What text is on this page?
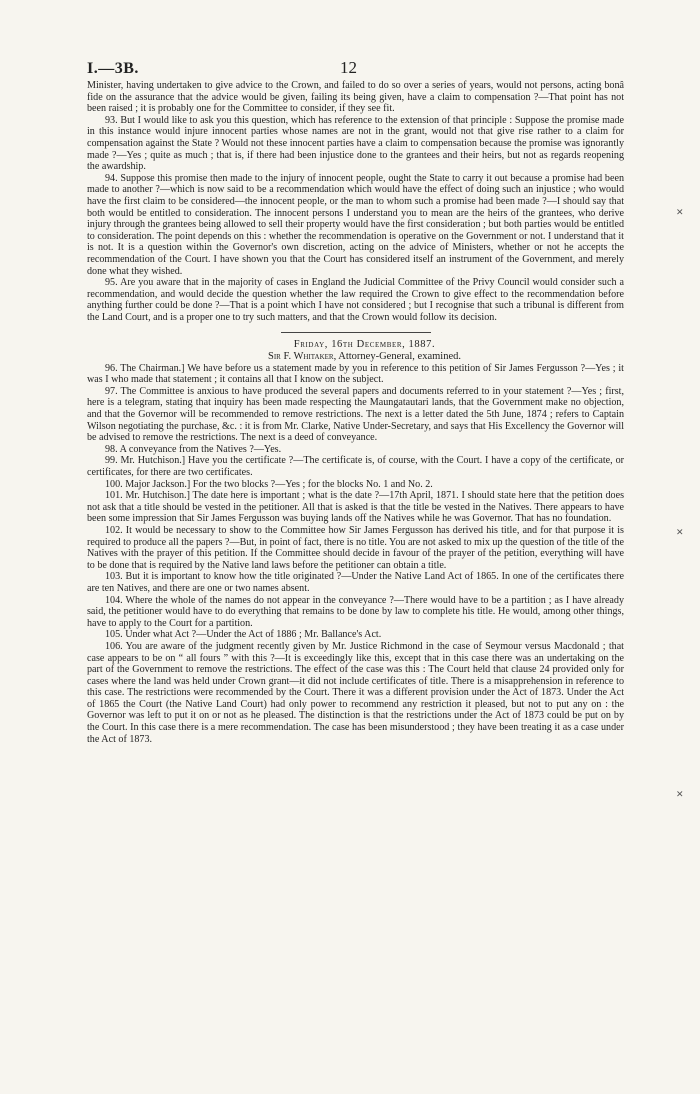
I.—3B.	12

Minister, having undertaken to give advice to the Crown, and failed to do so over a series of years, would not persons, acting bonâ fide on the assurance that the advice would be given, failing its being given, have a claim to compensation ?—That point has not been raised ; it is probably one for the Committee to consider, if they see fit.

93. But I would like to ask you this question, which has reference to the extension of that principle : Suppose the promise made in this instance would injure innocent parties whose names are not in the grant, would not that give rise rather to a claim for compensation against the State ? Would not these innocent parties have a claim to compensation because the promise was ignorantly made ?—Yes ; quite as much ; that is, if there had been injustice done to the grantees and their heirs, but not as regards reopening the awardship.

94. Suppose this promise then made to the injury of innocent people, ought the State to carry it out because a promise had been made to another ?—which is now said to be a recommendation which would have the effect of doing such an injustice ; who would have the first claim to be considered—the innocent people, or the man to whom such a promise had been made ?—I should say that both would be entitled to consideration. The innocent persons I understand you to mean are the heirs of the grantees, who derive injury through the grantees being allowed to sell their property would have the first consideration ; but both parties would be entitled to consideration. The point depends on this : whether the recommendation is operative on the Government or not. I understand that it is not. It is a question within the Governor's own discretion, acting on the advice of Ministers, whether or not he accepts the recommendation of the Court. I have shown you that the Court has considered itself an instrument of the Government, and merely done what they wished.

95. Are you aware that in the majority of cases in England the Judicial Committee of the Privy Council would consider such a recommendation, and would decide the question whether the law required the Crown to give effect to the recommendation before anything further could be done ?—That is a point which I have not considered ; but I recognise that such a tribunal is different from the Land Court, and is a proper one to try such matters, and that the Crown would follow its decision.

Friday, 16th December, 1887.

Sir F. Whitaker, Attorney-General, examined.

96. The Chairman.] We have before us a statement made by you in reference to this petition of Sir James Fergusson ?—Yes ; it was I who made that statement ; it contains all that I know on the subject.

97. The Committee is anxious to have produced the several papers and documents referred to in your statement ?—Yes ; first, here is a telegram, stating that inquiry has been made respecting the Maungatautari lands, that the Government make no objection, and that the Governor will be recommended to remove restrictions. The next is a letter dated the 5th June, 1874 ; refers to Captain Wilson negotiating the purchase, &c. : it is from Mr. Clarke, Native Under-Secretary, and says that His Excellency the Governor will be advised to remove the restrictions. The next is a deed of conveyance.

98. A conveyance from the Natives ?—Yes.

99. Mr. Hutchison.] Have you the certificate ?—The certificate is, of course, with the Court. I have a copy of the certificate, or certificates, for there are two certificates.

100. Major Jackson.] For the two blocks ?—Yes ; for the blocks No. 1 and No. 2.

101. Mr. Hutchison.] The date here is important ; what is the date ?—17th April, 1871. I should state here that the petition does not ask that a title should be vested in the petitioner. All that is asked is that the title be vested in the Natives. There appears to have been some impression that Sir James Fergusson was buying lands off the Natives while he was Governor. That has no foundation.

102. It would be necessary to show to the Committee how Sir James Fergusson has derived his title, and for that purpose it is required to produce all the papers ?—But, in point of fact, there is no title. You are not asked to mix up the question of the title of the Natives with the prayer of this petition. If the Committee should decide in favour of the prayer of the petition, everything will have to be done that is required by the Native land laws before the petitioner can obtain a title.

103. But it is important to know how the title originated ?—Under the Native Land Act of 1865. In one of the certificates there are ten Natives, and there are one or two names absent.

104. Where the whole of the names do not appear in the conveyance ?—There would have to be a partition ; as I have already said, the petitioner would have to do everything that remains to be done by law to complete his title. He would, among other things, have to apply to the Court for a partition.

105. Under what Act ?—Under the Act of 1886 ; Mr. Ballance's Act.

106. You are aware of the judgment recently given by Mr. Justice Richmond in the case of Seymour versus Macdonald ; that case appears to be on “ all fours ” with this ?—It is exceedingly like this, except that in this case there was an undertaking on the part of the Government to remove the restrictions. The effect of the case was this : The Court held that clause 24 provided only for cases where the land was held under Crown grant—it did not include certificates of title. There is a misapprehension in reference to this case. The restrictions were recommended by the Court. There it was a different provision under the Act of 1873. Under the Act of 1865 the Court (the Native Land Court) had only power to recommend any restriction it pleased, but not to put any on : the Governor was left to put it on or not as he pleased. The distinction is that the restrictions under the Act of 1873 could be put on by the Court. In this case there is a mere recommendation. The case has been misunderstood ; they have been treating it as a case under the Act of 1873.

✕
✕
✕
